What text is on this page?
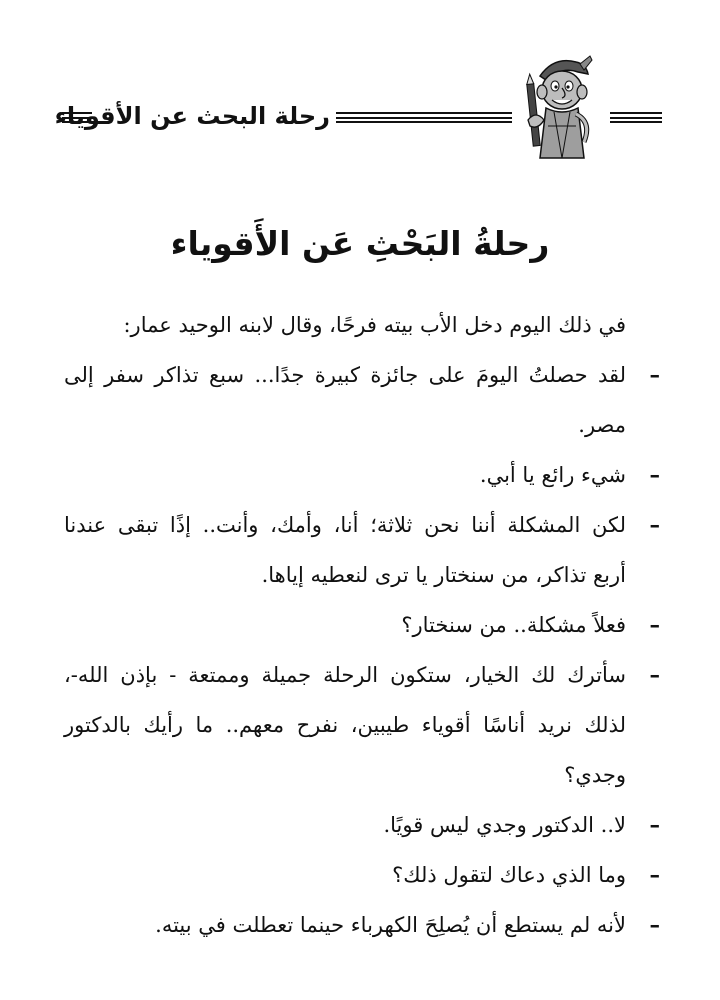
رحلة البحث عن الأقوياء
رحلةُ البَحْثِ عَن الأَقوياء
في ذلك اليوم دخل الأب بيته فرحًا، وقال لابنه الوحيد عمار:
–لقد حصلتُ اليومَ على جائزة كبيرة جدًا... سبع تذاكر سفر إلى
مصر.
–شيء رائع يا أبي.
–لكن المشكلة أننا نحن ثلاثة؛ أنا، وأمك، وأنت.. إذًا تبقى عندنا
أربع تذاكر، من سنختار يا ترى لنعطيه إياها.
–فعلاً مشكلة.. من سنختار؟
–سأترك لك الخيار، ستكون الرحلة جميلة وممتعة - بإذن الله-،
لذلك نريد أناسًا أقوياء طيبين، نفرح معهم.. ما رأيك بالدكتور
وجدي؟
–لا.. الدكتور وجدي ليس قويًا.
–وما الذي دعاك لتقول ذلك؟
–لأنه لم يستطع أن يُصلِحَ الكهرباء حينما تعطلت في بيته.
